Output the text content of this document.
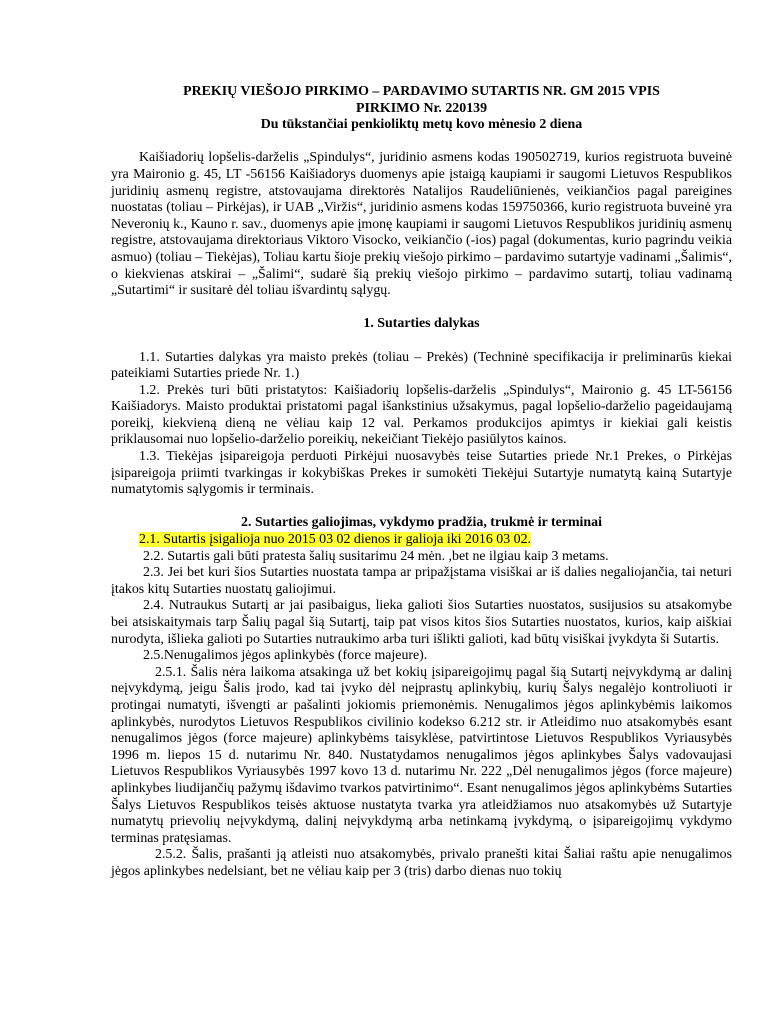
PREKIŲ VIEŠOJO PIRKIMO – PARDAVIMO SUTARTIS NR. GM 2015 VPIS

PIRKIMO Nr. 220139

Du tūkstančiai penkioliktų metų kovo mėnesio 2 diena

Kaišiadorių lopšelis-darželis „Spindulys“, juridinio asmens kodas 190502719, kurios registruota buveinė yra Maironio g. 45, LT -56156 Kaišiadorys duomenys apie įstaigą kaupiami ir saugomi Lietuvos Respublikos juridinių asmenų registre, atstovaujama direktorės Natalijos Raudeliūnienės, veikiančios pagal pareigines nuostatas (toliau – Pirkėjas), ir UAB „Viržis“, juridinio asmens kodas 159750366, kurio registruota buveinė yra Neveronių k., Kauno r. sav., duomenys apie įmonę kaupiami ir saugomi Lietuvos Respublikos juridinių asmenų registre, atstovaujama direktoriaus Viktoro Visocko, veikiančio (-ios) pagal (dokumentas, kurio pagrindu veikia asmuo) (toliau – Tiekėjas), Toliau kartu šioje prekių viešojo pirkimo – pardavimo sutartyje vadinami „Šalimis“, o kiekvienas atskirai – „Šalimi“, sudarė šią prekių viešojo pirkimo – pardavimo sutartį, toliau vadinamą „Sutartimi“ ir susitarė dėl toliau išvardintų sąlygų.

1. Sutarties dalykas

1.1. Sutarties dalykas yra maisto prekės (toliau – Prekės) (Techninė specifikacija ir preliminarūs kiekai pateikiami Sutarties priede Nr. 1.)

1.2. Prekės turi būti pristatytos: Kaišiadorių lopšelis-darželis „Spindulys“, Maironio g. 45 LT-56156 Kaišiadorys. Maisto produktai pristatomi pagal išankstinius užsakymus, pagal lopšelio-darželio pageidaujamą poreikį, kiekvieną dieną ne vėliau kaip 12 val. Perkamos produkcijos apimtys ir kiekiai gali keistis priklausomai nuo lopšelio-darželio poreikių, nekeičiant Tiekėjo pasiūlytos kainos.

1.3. Tiekėjas įsipareigoja perduoti Pirkėjui nuosavybės teise Sutarties priede Nr.1 Prekes, o Pirkėjas įsipareigoja priimti tvarkingas ir kokybiškas Prekes ir sumokėti Tiekėjui Sutartyje numatytą kainą Sutartyje numatytomis sąlygomis ir terminais.

2. Sutarties galiojimas, vykdymo pradžia, trukmė ir terminai

2.1. Sutartis įsigalioja nuo 2015 03 02 dienos ir galioja iki 2016 03 02.

2.2. Sutartis gali būti pratesta šalių susitarimu 24 mėn. ,bet ne ilgiau kaip 3 metams.

2.3. Jei bet kuri šios Sutarties nuostata tampa ar pripažįstama visiškai ar iš dalies negaliojančia, tai neturi įtakos kitų Sutarties nuostatų galiojimui.

2.4. Nutraukus Sutartį ar jai pasibaigus, lieka galioti šios Sutarties nuostatos, susijusios su atsakomybe bei atsiskaitymais tarp Šalių pagal šią Sutartį, taip pat visos kitos šios Sutarties nuostatos, kurios, kaip aiškiai nurodyta, išlieka galioti po Sutarties nutraukimo arba turi išlikti galioti, kad būtų visiškai įvykdyta ši Sutartis.

2.5.Nenugalimos jėgos aplinkybės (force majeure).

2.5.1. Šalis nėra laikoma atsakinga už bet kokių įsipareigojimų pagal šią Sutartį neįvykdymą ar dalinį neįvykdymą, jeigu Šalis įrodo, kad tai įvyko dėl neįprastų aplinkybių, kurių Šalys negalėjo kontroliuoti ir protingai numatyti, išvengti ar pašalinti jokiomis priemonėmis. Nenugalimos jėgos aplinkybėmis laikomos aplinkybės, nurodytos Lietuvos Respublikos civilinio kodekso 6.212 str. ir Atleidimo nuo atsakomybės esant nenugalimos jėgos (force majeure) aplinkybėms taisyklėse, patvirtintose Lietuvos Respublikos Vyriausybės 1996 m. liepos 15 d. nutarimu Nr. 840. Nustatydamos nenugalimos jėgos aplinkybes Šalys vadovaujasi Lietuvos Respublikos Vyriausybės 1997 kovo 13 d. nutarimu Nr. 222 „Dėl nenugalimos jėgos (force majeure) aplinkybes liudijančių pažymų išdavimo tvarkos patvirtinimo“. Esant nenugalimos jėgos aplinkybėms Sutarties Šalys Lietuvos Respublikos teisės aktuose nustatyta tvarka yra atleidžiamos nuo atsakomybės už Sutartyje numatytų prievolių neįvykdymą, dalinį neįvykdymą arba netinkamą įvykdymą, o įsipareigojimų vykdymo terminas pratęsiamas.

2.5.2. Šalis, prašanti ją atleisti nuo atsakomybės, privalo pranešti kitai Šaliai raštu apie nenugalimos jėgos aplinkybes nedelsiant, bet ne vėliau kaip per 3 (tris) darbo dienas nuo tokių
